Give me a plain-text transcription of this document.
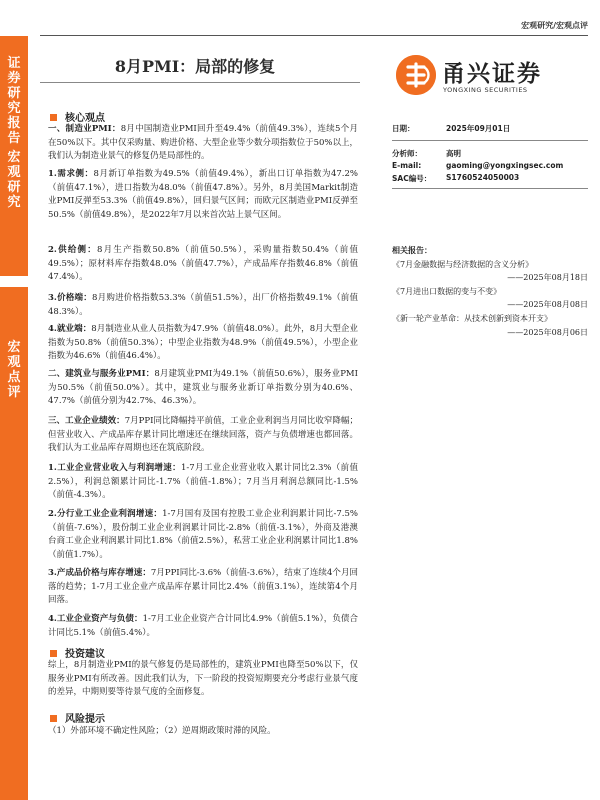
证券研究报告
宏观研究
宏观点评
宏观研究/宏观点评
8月PMI：局部的修复	甬兴证券
YONGXING SECURITIES
日期：	2025年09月01日
分析师：	高明
E-mail:	gaoming@yongxingsec.com
SAC编号： S1760524050003
相关报告：
《7月金融数据与经济数据的含义分析》
——2025年08月18日
《7月进出口数据的变与不变》
——2025年08月08日
《新一轮产业革命：从技术创新到资本开支》
——2025年08月06日
核心观点
一、制造业PMI：8月中国制造业PMI回升至49.4%（前值49.3%），连续5个月在50%以下。其中仅采购量、购进价格、大型企业等少数分项指数位于50%以上，我们认为制造业景气的修复仍是局部性的。
1.需求侧：8月新订单指数为49.5%（前值49.4%），新出口订单指数为47.2%（前值47.1%），进口指数为48.0%（前值47.8%）。另外，8月美国Markit制造业PMI反弹至53.3%（前值49.8%），回归景气区间；而欧元区制造业PMI反弹至50.5%（前值49.8%），是2022年7月以来首次站上景气区间。
2.供给侧：8月生产指数50.8%（前值50.5%），采购量指数50.4%（前值49.5%）；原材料库存指数48.0%（前值47.7%），产成品库存指数46.8%（前值47.4%）。
3.价格端：8月购进价格指数53.3%（前值51.5%），出厂价格指数49.1%（前值48.3%）。
4.就业端：8月制造业从业人员指数为47.9%（前值48.0%）。此外，8月大型企业指数为50.8%（前值50.3%）；中型企业指数为48.9%（前值49.5%），小型企业指数为46.6%（前值46.4%）。
二、建筑业与服务业PMI：8月建筑业PMI为49.1%（前值50.6%），服务业PMI为50.5%（前值50.0%）。其中，建筑业与服务业新订单指数分别为40.6%、47.7%（前值分别为42.7%、46.3%）。
三、工业企业绩效：7月PPI同比降幅持平前值，工业企业利润当月同比收窄降幅；但营业收入、产成品库存累计同比增速还在继续回落，资产与负债增速也都回落。我们认为工业品库存周期也还在筑底阶段。
1.工业企业营业收入与利润增速：1-7月工业企业营业收入累计同比2.3%（前值2.5%），利润总额累计同比-1.7%（前值-1.8%）；7月当月利润总额同比-1.5%（前值-4.3%）。
2.分行业工业企业利润增速：1-7月国有及国有控股工业企业利润累计同比-7.5%（前值-7.6%），股份制工业企业利润累计同比-2.8%（前值-3.1%），外商及港澳台商工业企业利润累计同比1.8%（前值2.5%），私营工业企业利润累计同比1.8%（前值1.7%）。
3.产成品价格与库存增速：7月PPI同比-3.6%（前值-3.6%），结束了连续4个月回落的趋势；1-7月工业企业产成品库存累计同比2.4%（前值3.1%），连续第4个月回落。
4.工业企业资产与负债：1-7月工业企业资产合计同比4.9%（前值5.1%），负债合计同比5.1%（前值5.4%）。
投资建议
综上，8月制造业PMI的景气修复仍是局部性的，建筑业PMI也降至50%以下，仅服务业PMI有所改善。因此我们认为，下一阶段的投资短期要充分考虑行业景气度的差异，中期则要等待景气度的全面修复。
风险提示
（1）外部环境不确定性风险；（2）逆周期政策时滞的风险。
